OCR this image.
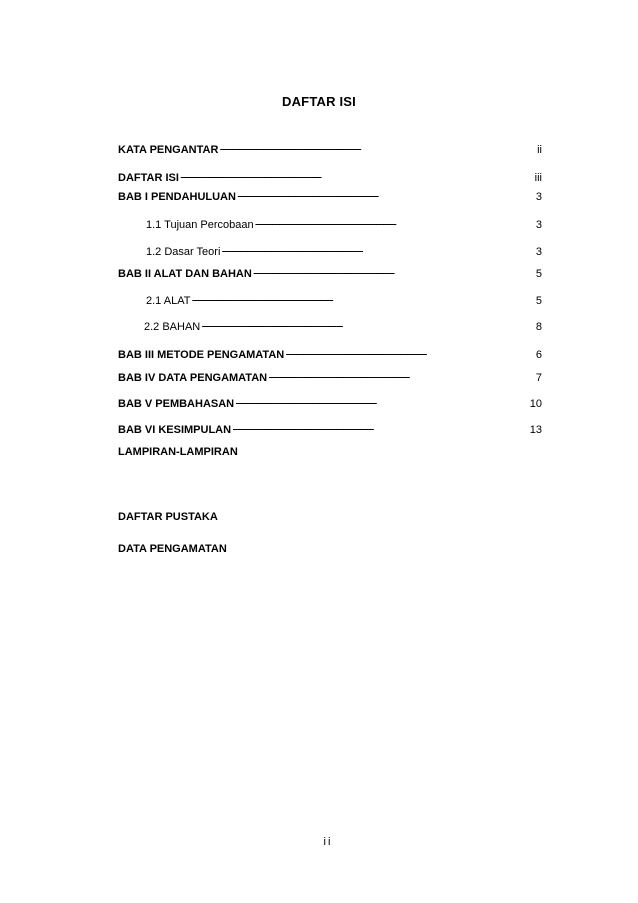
DAFTAR ISI
KATA PENGANTAR . . .	ii
DAFTAR ISI . . .	iii
BAB I PENDAHULUAN . . .	3
1.1 Tujuan Percobaan . . .	3
1.2 Dasar Teori . . .	3
BAB II ALAT DAN BAHAN . . .	5
2.1 ALAT . . .	5
2.2 BAHAN . . .	8
BAB III METODE PENGAMATAN . . .	6
BAB IV DATA PENGAMATAN . . .	7
BAB V PEMBAHASAN . . .	10
BAB VI KESIMPULAN . . .	13
LAMPIRAN-LAMPIRAN
DAFTAR PUSTAKA
DATA PENGAMATAN
ii
